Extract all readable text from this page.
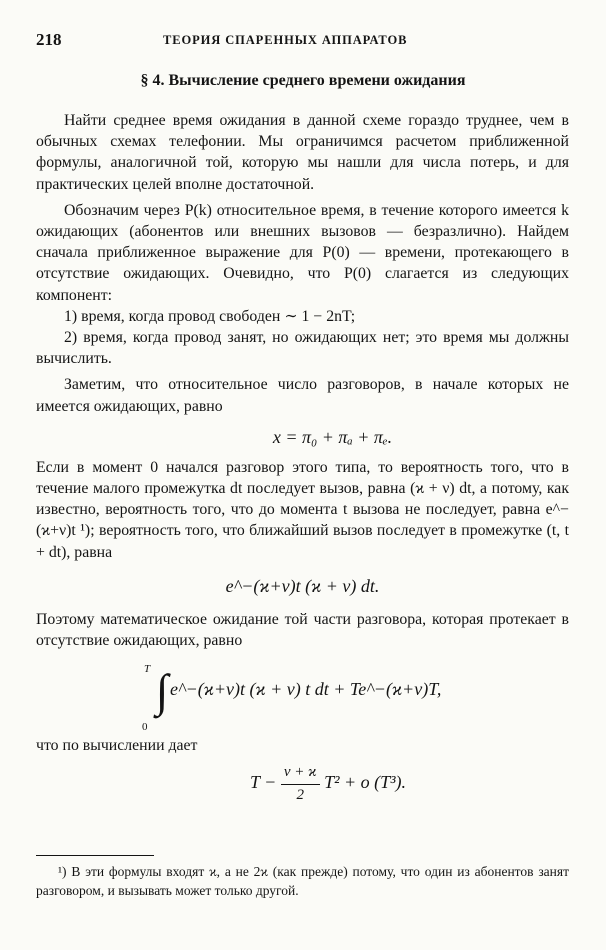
218	ТЕОРИЯ СПАРЕННЫХ АППАРАТОВ
§ 4. Вычисление среднего времени ожидания

Найти среднее время ожидания в данной схеме гораздо труднее, чем в обычных схемах телефонии. Мы ограничимся расчетом приближенной формулы, аналогичной той, которую мы нашли для числа потерь, и для практических целей вполне достаточной.

Обозначим через P(k) относительное время, в течение которого имеется k ожидающих (абонентов или внешних вызовов — безразлично). Найдем сначала приближенное выражение для P(0) — времени, протекающего в отсутствие ожидающих. Очевидно, что P(0) слагается из следующих компонент:

1) время, когда провод свободен ∼ 1 − 2nT;

2) время, когда провод занят, но ожидающих нет; это время мы должны вычислить.

Заметим, что относительное число разговоров, в начале которых не имеется ожидающих, равно

x = π₀ + πₐ + πₑ.

Если в момент 0 начался разговор этого типа, то вероятность того, что в течение малого промежутка dt последует вызов, равна (ϰ + ν) dt, а потому, как известно, вероятность того, что до момента t вызова не последует, равна e^−(ϰ+ν)t ¹); вероятность того, что ближайший вызов последует в промежутке (t, t + dt), равна

e^−(ϰ+ν)t (ϰ + ν) dt.

Поэтому математическое ожидание той части разговора, которая протекает в отсутствие ожидающих, равно

T ∫
0
e^−(ϰ+ν)t (ϰ + ν) t dt + Te^−(ϰ+ν)T,

что по вычислении дает

$T - \frac{\nu + ϰ}{2} T^2 + o$ (T³).

¹) В эти формулы входят ϰ, а не 2ϰ (как прежде) потому, что один из абонентов занят разговором, и вызывать может только другой.
